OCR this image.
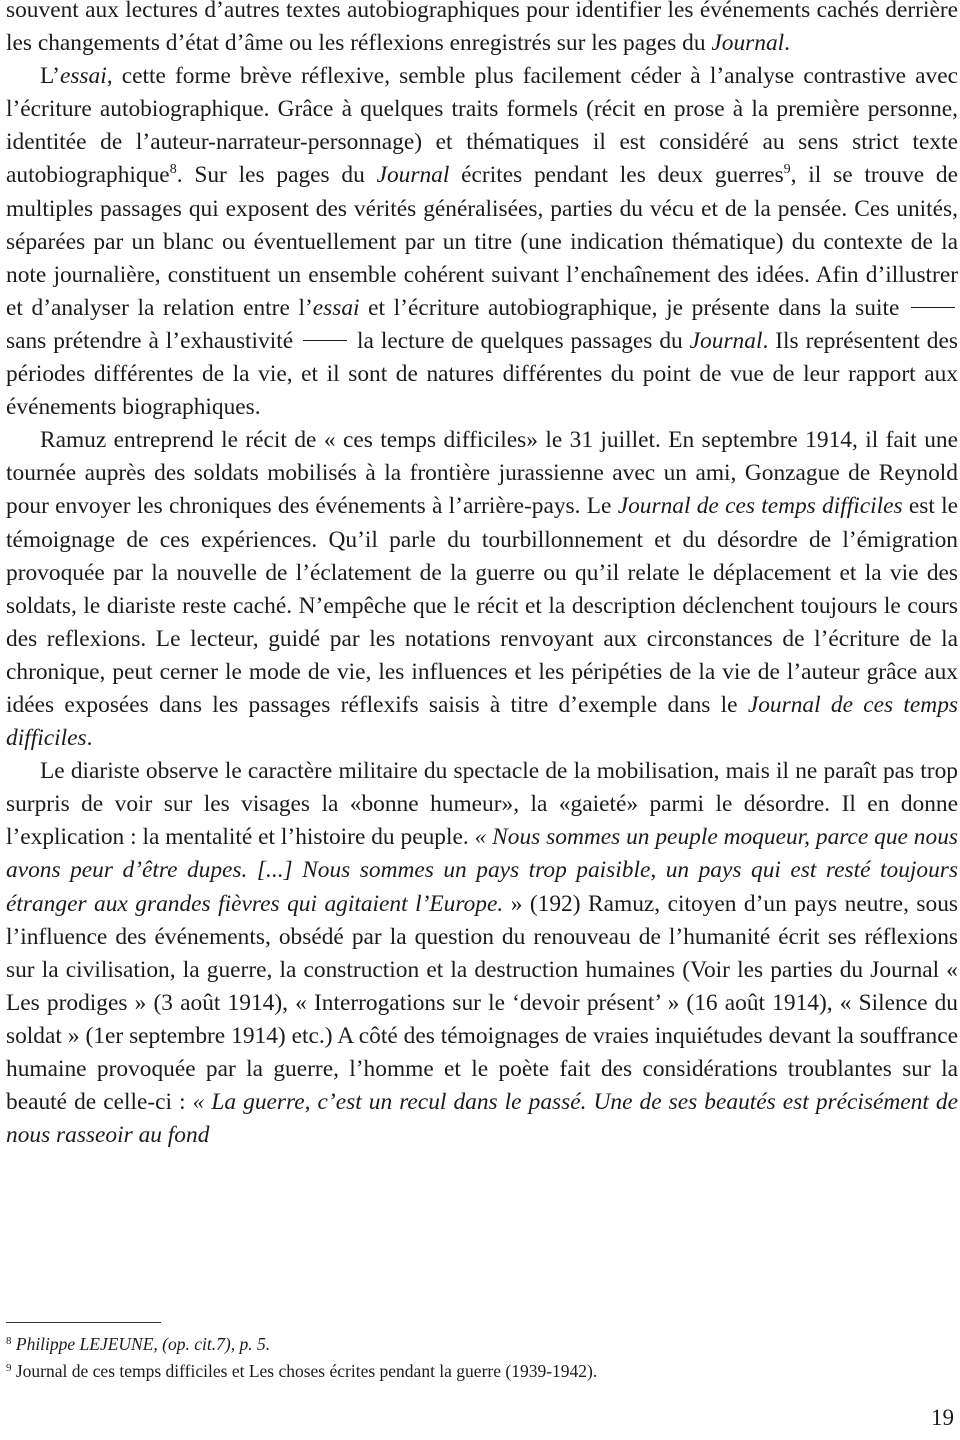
souvent aux lectures d’autres textes autobiographiques pour identifier les événements cachés derrière les changements d’état d’âme ou les réflexions enregistrés sur les pages du Journal.

L’essai, cette forme brève réflexive, semble plus facilement céder à l’analyse contrastive avec l’écriture autobiographique. Grâce à quelques traits formels (récit en prose à la première personne, identitée de l’auteur-narrateur-personnage) et thématiques il est considéré au sens strict texte autobiographique$^8$. Sur les pages du Journal écrites pendant les deux guerres$^9$, il se trouve de multiples passages qui exposent des vérités généralisées, parties du vécu et de la pensée. Ces unités, séparées par un blanc ou éventuellement par un titre (une indication thématique) du contexte de la note journalière, constituent un ensemble cohérent suivant l’enchaînement des idées. Afin d’illustrer et d’analyser la relation entre l’essai et l’écriture autobiographique, je présente dans la suite  sans prétendre à l’exhaustivité	la lecture de quelques passages du Journal. Ils représentent des périodes différentes de la vie, et il sont de natures différentes du point de vue de leur rapport aux événements biographiques.

Ramuz entreprend le récit de « ces temps difficiles» le 31 juillet. En septembre 1914, il fait une tournée auprès des soldats mobilisés à la frontière jurassienne avec un ami, Gonzague de Reynold pour envoyer les chroniques des événements à l’arrière-pays. Le Journal de ces temps difficiles est le témoignage de ces expériences. Qu’il parle du tourbillonnement et du désordre de l’émigration provoquée par la nouvelle de l’éclatement de la guerre ou qu’il relate le déplacement et la vie des soldats, le diariste reste caché. N’empêche que le récit et la description déclenchent toujours le cours des reflexions. Le lecteur, guidé par les notations renvoyant aux circonstances de l’écriture de la chronique, peut cerner le mode de vie, les influences et les péripéties de la vie de l’auteur grâce aux idées exposées dans les passages réflexifs saisis à titre d’exemple dans le Journal de ces temps difficiles.

Le diariste observe le caractère militaire du spectacle de la mobilisation, mais il ne paraît pas trop surpris de voir sur les visages la «bonne humeur», la «gaieté» parmi le désordre. Il en donne l’explication : la mentalité et l’histoire du peuple. « Nous sommes un peuple moqueur, parce que nous avons peur d’être dupes. [...] Nous sommes un pays trop paisible, un pays qui est resté toujours étranger aux grandes fièvres qui agitaient l’Europe. » (192) Ramuz, citoyen d’un pays neutre, sous l’influence des événements, obsédé par la question du renouveau de l’humanité écrit ses réflexions sur la civilisation, la guerre, la construction et la destruction humaines (Voir les parties du Journal « Les prodiges » (3 août 1914), « Interrogations sur le ‘devoir présent’ » (16 août 1914), « Silence du soldat » (1er septembre 1914) etc.) A côté des témoignages de vraies inquiétudes devant la souffrance humaine provoquée par la guerre, l’homme et le poète fait des considérations troublantes sur la beauté de celle-ci : « La guerre, c’est un recul dans le passé. Une de ses beautés est précisément de nous rasseoir au fond

$^8$ Philippe LEJEUNE, (op. cit.7), p. 5.
$^9$ Journal de ces temps difficiles et Les choses écrites pendant la guerre (1939-1942).
19
